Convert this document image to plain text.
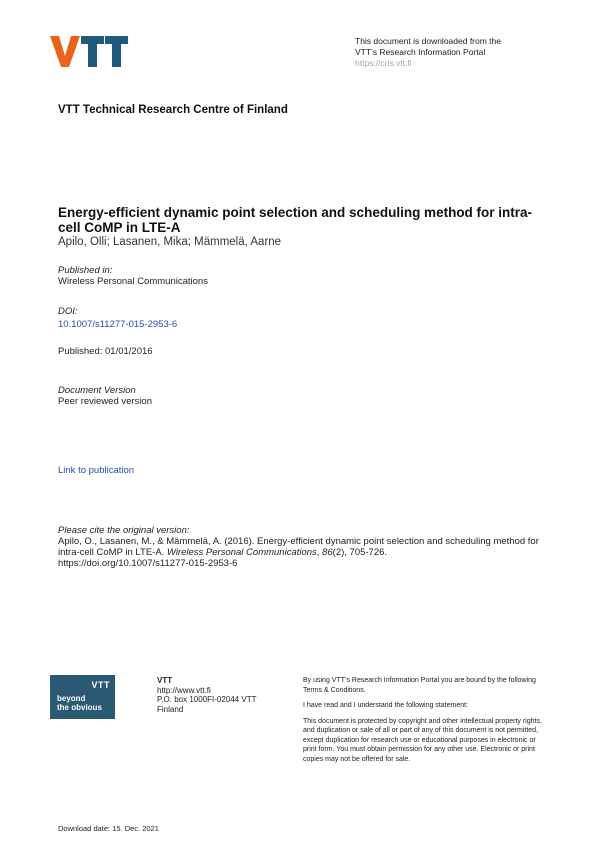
This document is downloaded from the
VTT’s Research Information Portal
https://cris.vtt.fi
VTT Technical Research Centre of Finland
Energy-efficient dynamic point selection and scheduling method for intra-cell CoMP in LTE-A
Apilo, Olli; Lasanen, Mika; Mämmelä, Aarne
Published in:
Wireless Personal Communications
DOI:
10.1007/s11277-015-2953-6
Published: 01/01/2016
Document Version
Peer reviewed version
Link to publication
Please cite the original version:
Apilo, O., Lasanen, M., & Mämmelä, A. (2016). Energy-efficient dynamic point selection and scheduling method for intra-cell CoMP in LTE-A. Wireless Personal Communications, 86(2), 705-726.
https://doi.org/10.1007/s11277-015-2953-6
VTT
beyond
the obvious
VTT
http://www.vtt.fi
P.O. box 1000FI-02044 VTT
Finland

By using VTT’s Research Information Portal you are bound by the following Terms & Conditions.

I have read and I understand the following statement:

This document is protected by copyright and other intellectual property rights, and duplication or sale of all or part of any of this document is not permitted, except duplication for research use or educational purposes in electronic or print form. You must obtain permission for any other use. Electronic or print copies may not be offered for sale.

Download date: 15. Dec. 2021
